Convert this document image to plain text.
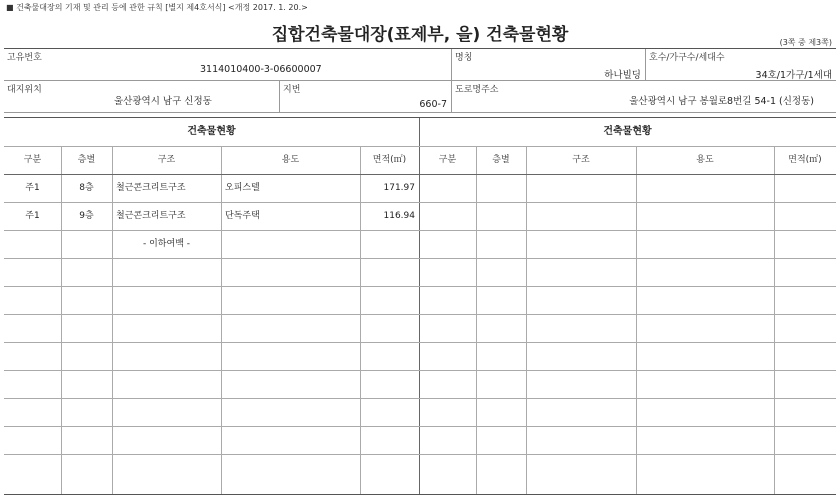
■ 건축물대장의 기재 및 관리 등에 관한 규칙 [별지 제4호서식] <개정 2017. 1. 20.>
집합건축물대장(표제부, 을) 건축물현황	(3쪽 중 제3쪽)
고유번호
3114010400-3-06600007
명칭
하나빌딩
호수/가구수/세대수
34호/1가구/1세대
대지위치
울산광역시 남구 신정동
지번
660-7
도로명주소
울산광역시 남구 봉월로8번길 54-1 (신정동)
건축물현황	건축물현황
구분	층별	구조	용도	면적(㎡)	구분	층별	구조	용도	면적(㎡)
주1	8층	철근콘크리트구조	오피스텔	171.97
주1	9층	철근콘크리트구조	단독주택	116.94
- 이하여백 -
